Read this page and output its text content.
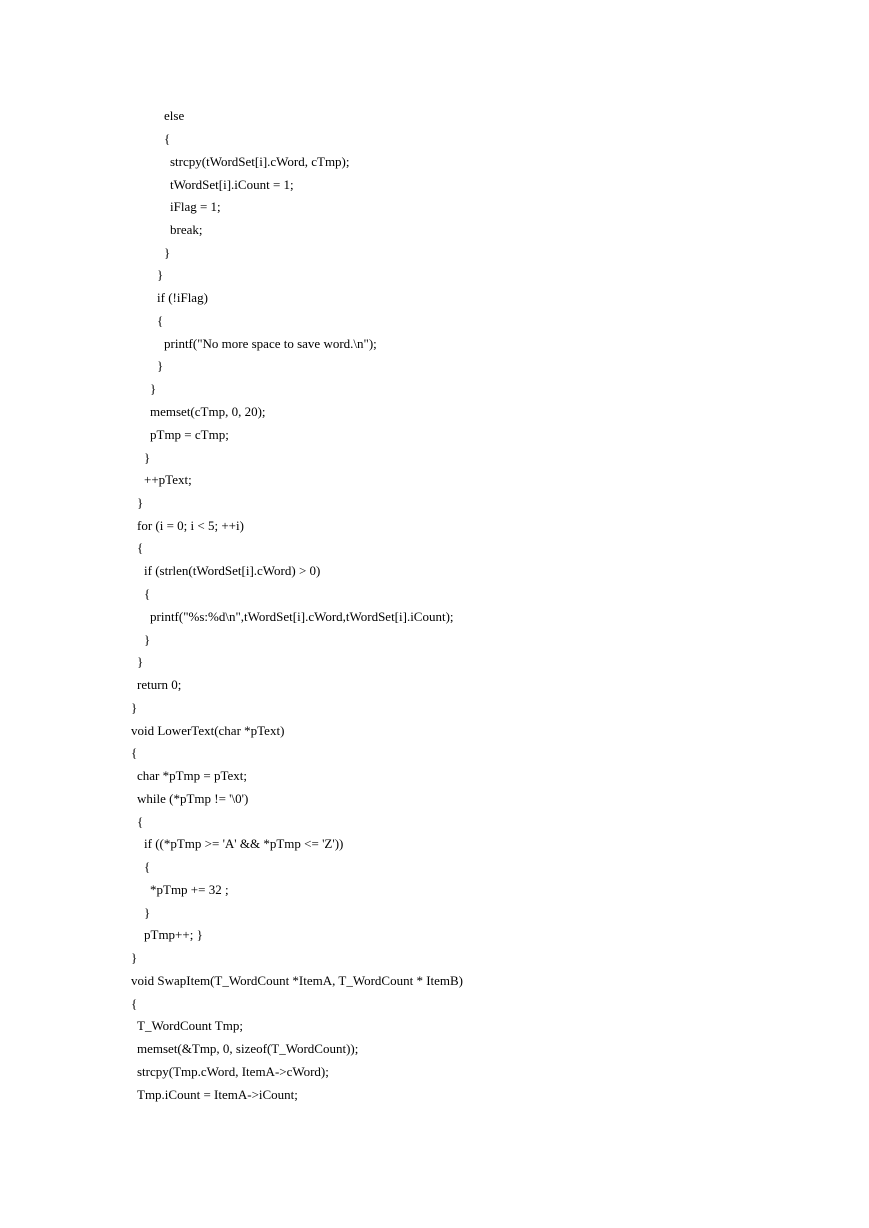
else
{
strcpy(tWordSet[i].cWord, cTmp);
tWordSet[i].iCount = 1;
iFlag = 1;
break;
}
}
if (!iFlag)
{
printf("No more space to save word.\n");
}
}
memset(cTmp, 0, 20);
pTmp = cTmp;
}
++pText;
}
for (i = 0; i < 5; ++i)
{
if (strlen(tWordSet[i].cWord) > 0)
{
printf("%s:%d\n",tWordSet[i].cWord,tWordSet[i].iCount);
}
}
return 0;
}
void LowerText(char *pText)
{
char *pTmp = pText;
while (*pTmp != '\0')
{
if ((*pTmp >= 'A' && *pTmp <= 'Z'))
{
*pTmp += 32 ;
}
pTmp++; }
}
void SwapItem(T_WordCount *ItemA, T_WordCount * ItemB)
{
T_WordCount Tmp;
memset(&Tmp, 0, sizeof(T_WordCount));
strcpy(Tmp.cWord, ItemA->cWord);
Tmp.iCount = ItemA->iCount;
